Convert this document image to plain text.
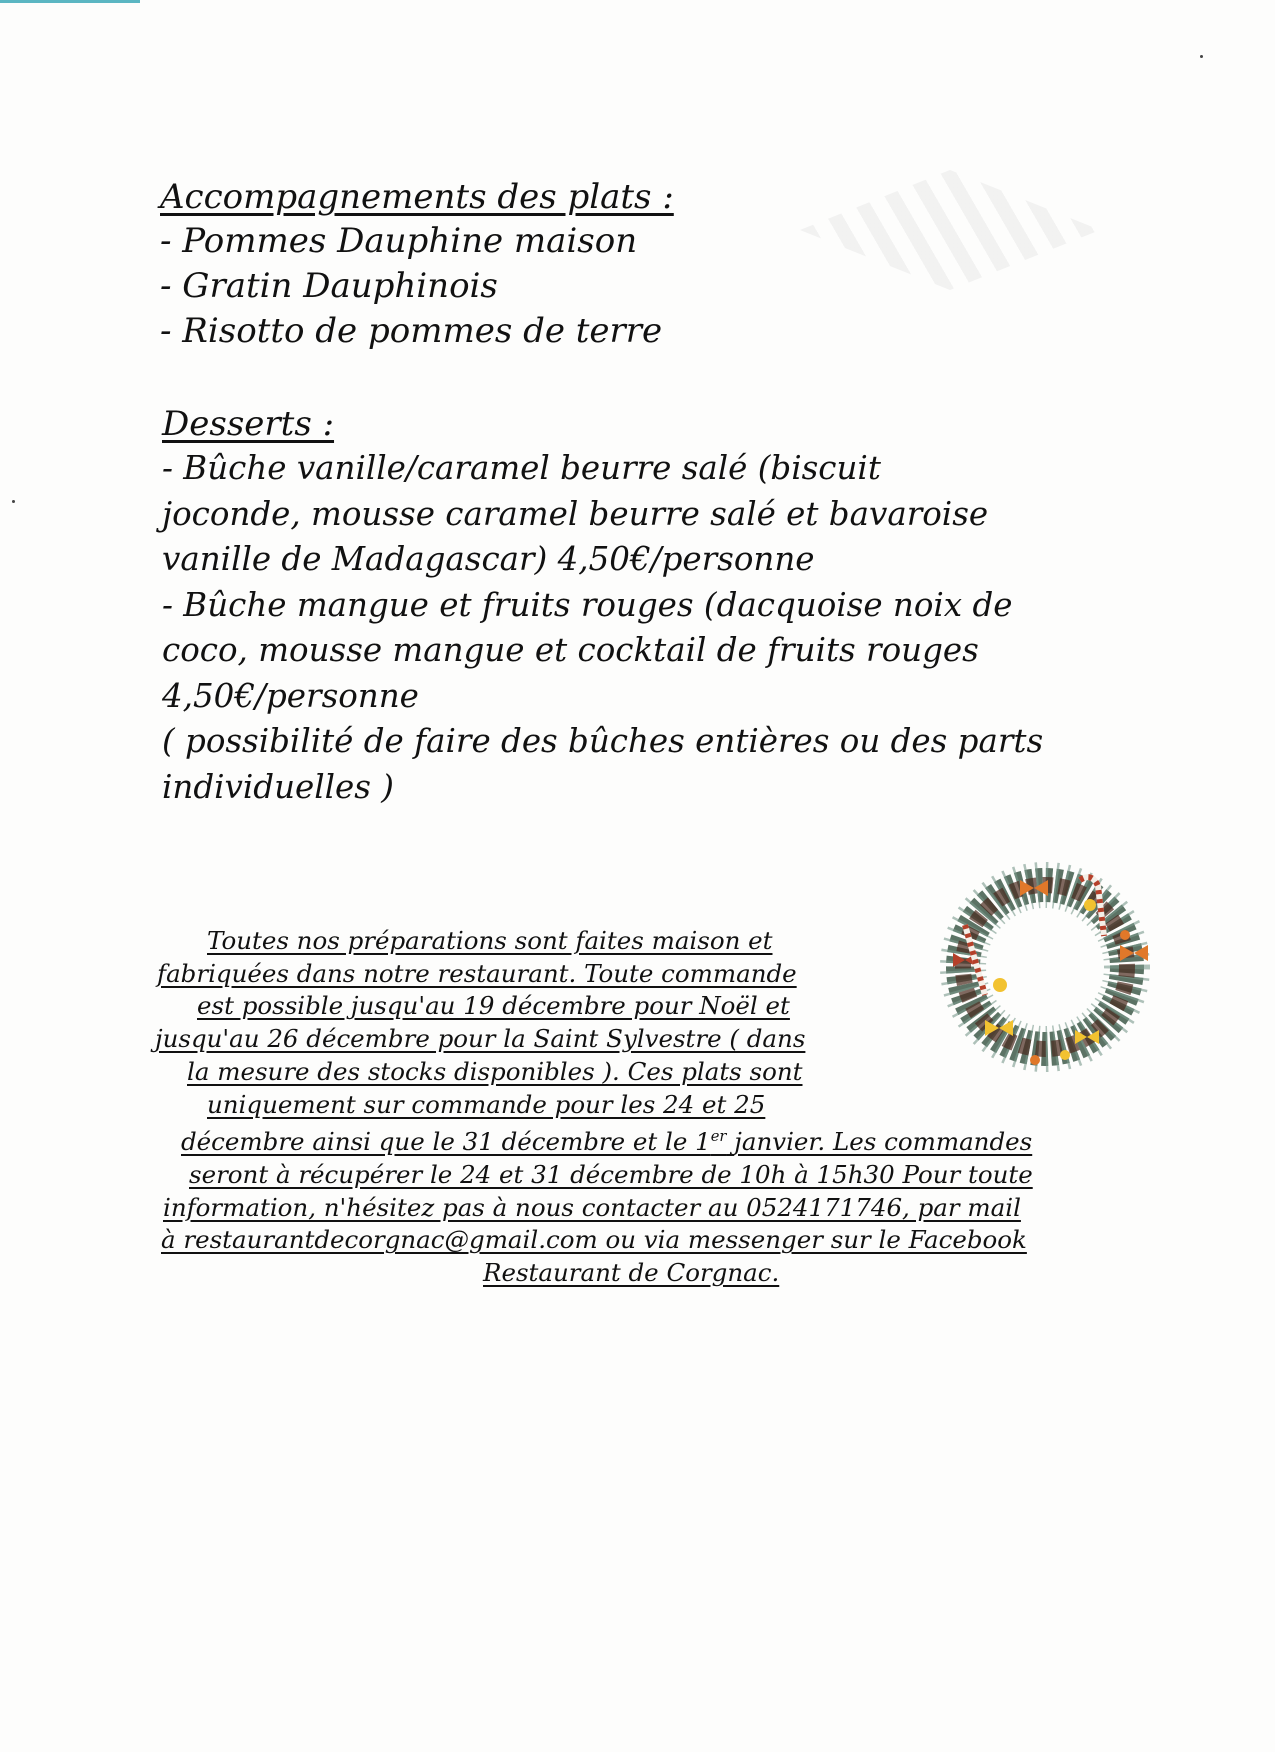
Accompagnements des plats :

- Pommes Dauphine maison

- Gratin Dauphinois

- Risotto de pommes de terre

Desserts :

- Bûche vanille/caramel beurre salé (biscuit

joconde, mousse caramel beurre salé et bavaroise

vanille de Madagascar) 4,50€/personne

- Bûche mangue et fruits rouges (dacquoise noix de

coco, mousse mangue et cocktail de fruits rouges

4,50€/personne

( possibilité de faire des bûches entières ou des parts

individuelles )

Toutes nos préparations sont faites maison et

fabriquées dans notre restaurant. Toute commande

est possible jusqu'au 19 décembre pour Noël et

jusqu'au 26 décembre pour la Saint Sylvestre ( dans

la mesure des stocks disponibles ). Ces plats sont

uniquement sur commande pour les 24 et 25

décembre ainsi que le 31 décembre et le 1er janvier. Les commandes

seront à récupérer le 24 et 31 décembre de 10h à 15h30 Pour toute

information, n'hésitez pas à nous contacter au 0524171746, par mail

à restaurantdecorgnac@gmail.com ou via messenger sur le Facebook

Restaurant de Corgnac.
